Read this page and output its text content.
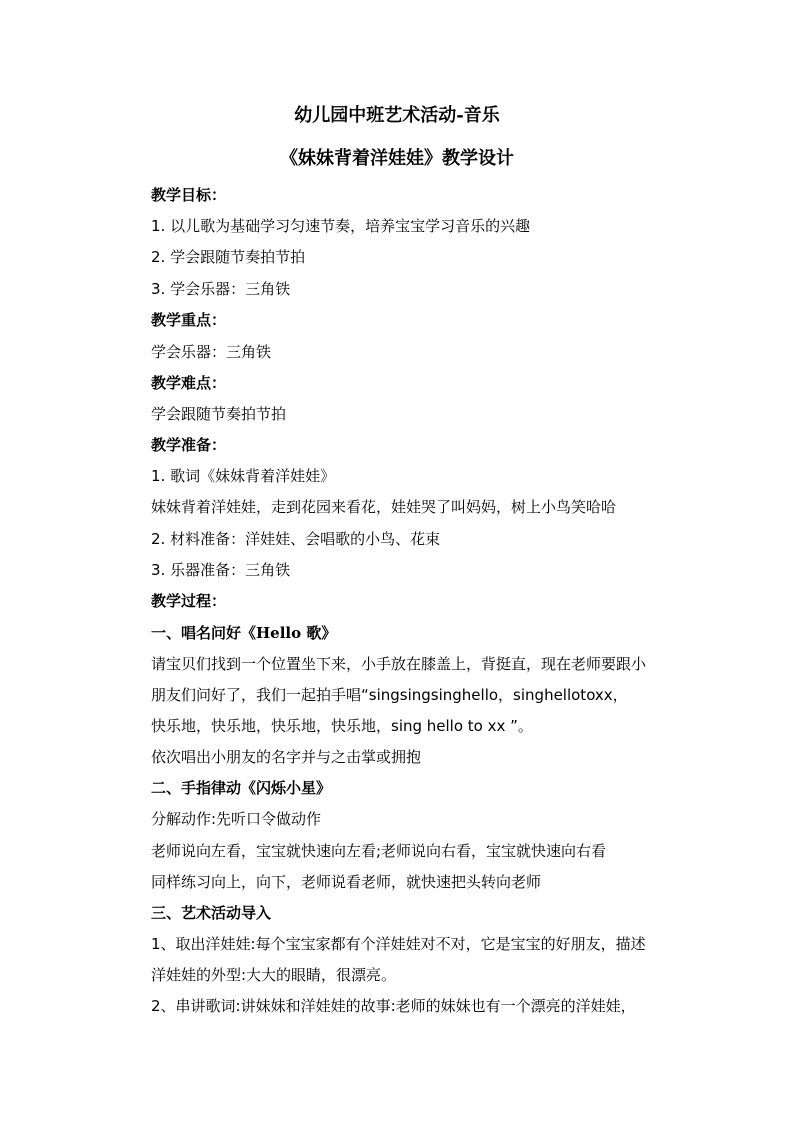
幼儿园中班艺术活动-音乐
《妹妹背着洋娃娃》教学设计
教学目标：
1. 以儿歌为基础学习匀速节奏，培养宝宝学习音乐的兴趣
2. 学会跟随节奏拍节拍
3. 学会乐器：三角铁
教学重点：
学会乐器：三角铁
教学难点：
学会跟随节奏拍节拍
教学准备：
1. 歌词《妹妹背着洋娃娃》
妹妹背着洋娃娃，走到花园来看花，娃娃哭了叫妈妈，树上小鸟笑哈哈
2. 材料准备：洋娃娃、会唱歌的小鸟、花束
3. 乐器准备：三角铁
教学过程：
一、唱名问好《Hello 歌》
请宝贝们找到一个位置坐下来，小手放在膝盖上，背挺直，现在老师要跟小
朋友们问好了，我们一起拍手唱“singsingsinghello，singhellotoxx，
快乐地，快乐地，快乐地，快乐地，sing hello to xx ”。
依次唱出小朋友的名字并与之击掌或拥抱
二、手指律动《闪烁小星》
分解动作:先听口令做动作
老师说向左看，宝宝就快速向左看;老师说向右看，宝宝就快速向右看
同样练习向上，向下，老师说看老师，就快速把头转向老师
三、艺术活动导入
1、取出洋娃娃:每个宝宝家都有个洋娃娃对不对，它是宝宝的好朋友，描述
洋娃娃的外型:大大的眼睛，很漂亮。
2、串讲歌词:讲妹妹和洋娃娃的故事:老师的妹妹也有一个漂亮的洋娃娃，
